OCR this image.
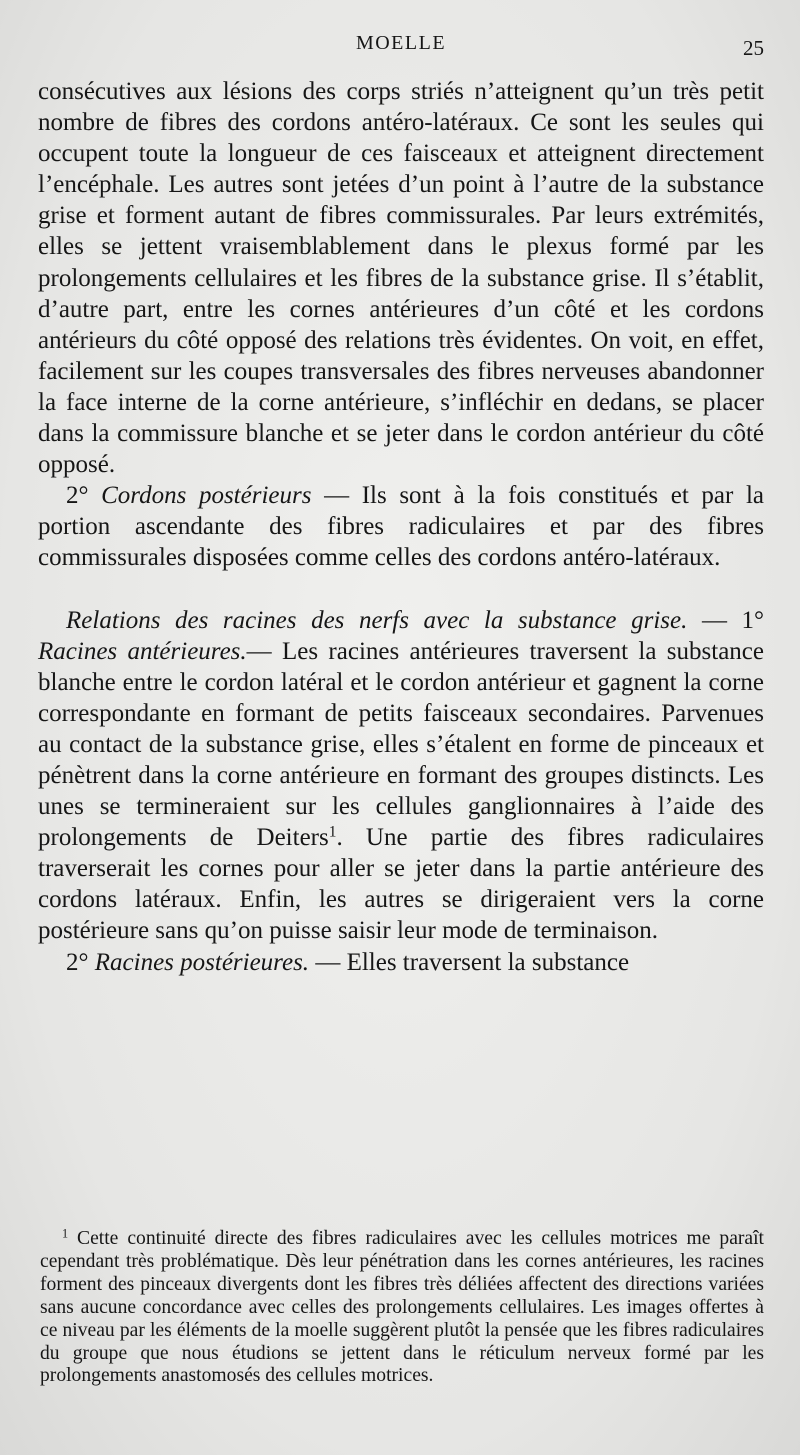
MOELLE	25

consécutives aux lésions des corps striés n’atteignent qu’un très petit nombre de fibres des cordons antéro-latéraux. Ce sont les seules qui occupent toute la longueur de ces faisceaux et atteignent directement l’encéphale. Les autres sont jetées d’un point à l’autre de la substance grise et forment autant de fibres commissurales. Par leurs extrémités, elles se jettent vraisemblablement dans le plexus formé par les prolongements cellulaires et les fibres de la substance grise. Il s’établit, d’autre part, entre les cornes antérieures d’un côté et les cordons antérieurs du côté opposé des relations très évidentes. On voit, en effet, facilement sur les coupes transversales des fibres nerveuses abandonner la face interne de la corne antérieure, s’infléchir en dedans, se placer dans la commissure blanche et se jeter dans le cordon antérieur du côté opposé.

2° Cordons postérieurs — Ils sont à la fois constitués et par la portion ascendante des fibres radiculaires et par des fibres commissurales disposées comme celles des cordons antéro-latéraux.

Relations des racines des nerfs avec la substance grise. — 1° Racines antérieures.— Les racines antérieures traversent la substance blanche entre le cordon latéral et le cordon antérieur et gagnent la corne correspondante en formant de petits faisceaux secondaires. Parvenues au contact de la substance grise, elles s’étalent en forme de pinceaux et pénètrent dans la corne antérieure en formant des groupes distincts. Les unes se termineraient sur les cellules ganglionnaires à l’aide des prolongements de Deiters$^1$. Une partie des fibres radiculaires traverserait les cornes pour aller se jeter dans la partie antérieure des cordons latéraux. Enfin, les autres se dirigeraient vers la corne postérieure sans qu’on puisse saisir leur mode de terminaison.

2° Racines postérieures. — Elles traversent la substance

$^1$ Cette continuité directe des fibres radiculaires avec les cellules motrices me paraît cependant très problématique. Dès leur pénétration dans les cornes antérieures, les racines forment des pinceaux divergents dont les fibres très déliées affectent des directions variées sans aucune concordance avec celles des prolongements cellulaires. Les images offertes à ce niveau par les éléments de la moelle suggèrent plutôt la pensée que les fibres radiculaires du groupe que nous étudions se jettent dans le réticulum nerveux formé par les prolongements anastomosés des cellules motrices.
